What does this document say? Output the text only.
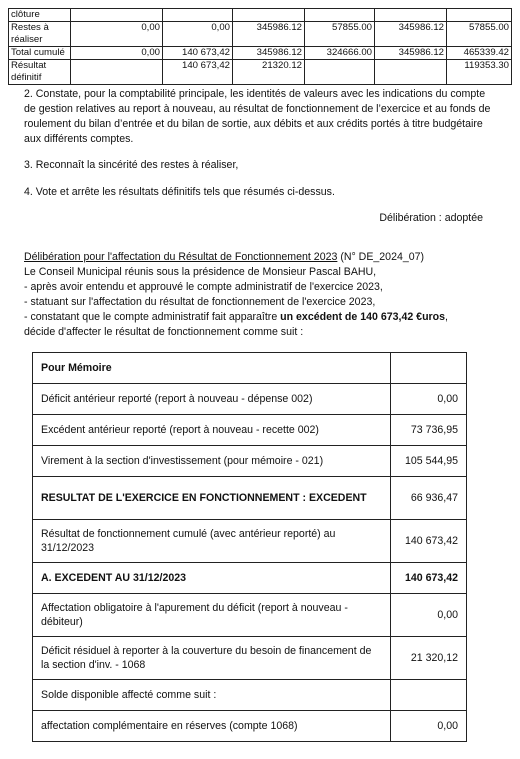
clôture						
Restes à réaliser	0,00	0,00	345986.12	57855.00	345986.12	57855.00
Total cumulé	0,00	140 673,42	345986.12	324666.00	345986.12	465339.42
Résultat définitif		140 673,42	21320.12			119353.30
2. Constate, pour la comptabilité principale, les identités de valeurs avec les indications du compte de gestion relatives au report à nouveau, au résultat de fonctionnement de l’exercice et au fonds de roulement du bilan d’entrée et du bilan de sortie, aux débits et aux crédits portés à titre budgétaire aux différents comptes.
3. Reconnaît la sincérité des restes à réaliser,
4. Vote et arrête les résultats définitifs tels que résumés ci-dessus.
Délibération : adoptée
Délibération pour l'affectation du Résultat de Fonctionnement 2023 (N° DE_2024_07)
Le Conseil Municipal réunis sous la présidence de Monsieur Pascal BAHU,
- après avoir entendu et approuvé le compte administratif de l'exercice 2023,
- statuant sur l'affectation du résultat de fonctionnement de l'exercice 2023,
- constatant que le compte administratif fait apparaître un excédent de 140 673,42 €uros,
décide d'affecter le résultat de fonctionnement comme suit :
Pour Mémoire	
Déficit antérieur reporté (report à nouveau - dépense 002)	0,00
Excédent antérieur reporté (report à nouveau - recette 002)	73 736,95
Virement à la section d'investissement (pour mémoire - 021)	105 544,95
RESULTAT DE L'EXERCICE EN FONCTIONNEMENT : EXCEDENT	66 936,47
Résultat de fonctionnement cumulé (avec antérieur reporté) au 31/12/2023	140 673,42
A. EXCEDENT AU 31/12/2023	140 673,42
Affectation obligatoire à l'apurement du déficit (report à nouveau - débiteur)	0,00
Déficit résiduel à reporter à la couverture du besoin de financement de la section d'inv. - 1068	21 320,12
Solde disponible affecté comme suit :	
affectation complémentaire en réserves (compte 1068)	0,00
